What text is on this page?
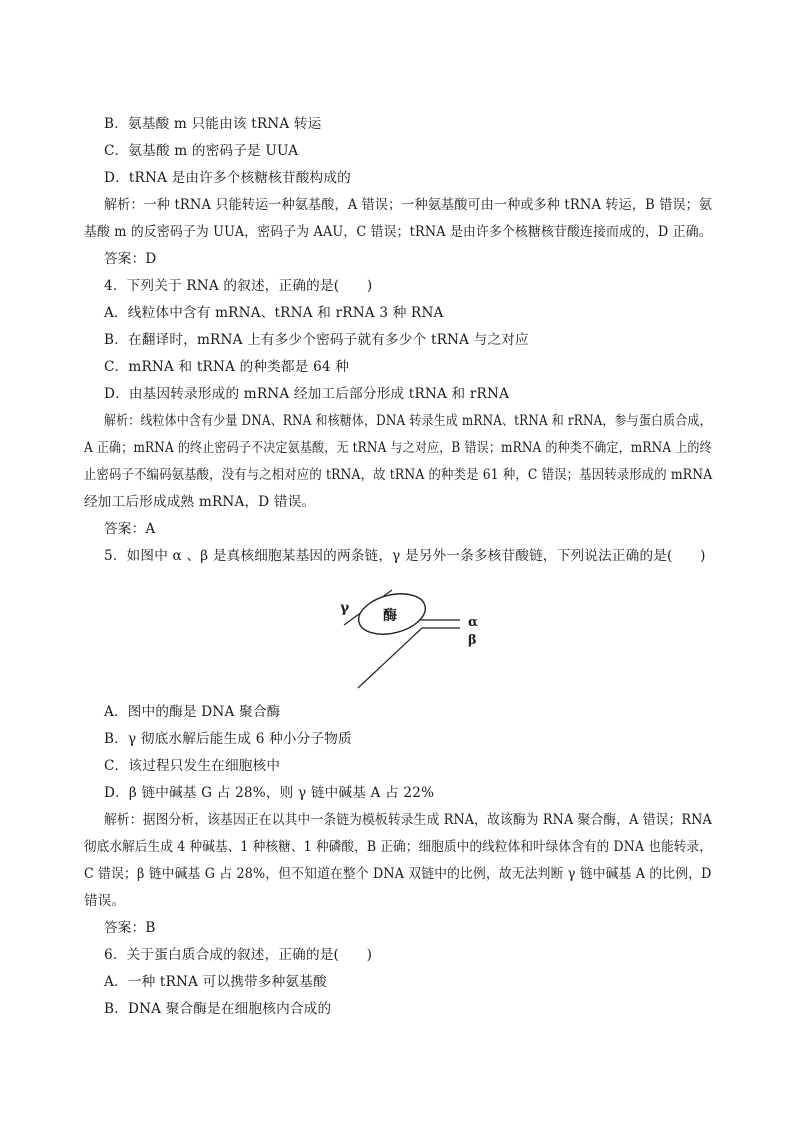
B．氨基酸 m 只能由该 tRNA 转运
C．氨基酸 m 的密码子是 UUA
D．tRNA 是由许多个核糖核苷酸构成的
解析：一种 tRNA 只能转运一种氨基酸，A 错误；一种氨基酸可由一种或多种 tRNA 转运，B 错误；氨
基酸 m 的反密码子为 UUA，密码子为 AAU，C 错误；tRNA 是由许多个核糖核苷酸连接而成的，D 正确。
答案：D
4．下列关于 RNA 的叙述，正确的是(　　)
A．线粒体中含有 mRNA、tRNA 和 rRNA 3 种 RNA
B．在翻译时，mRNA 上有多少个密码子就有多少个 tRNA 与之对应
C．mRNA 和 tRNA 的种类都是 64 种
D．由基因转录形成的 mRNA 经加工后部分形成 tRNA 和 rRNA
解析：线粒体中含有少量 DNA、RNA 和核糖体，DNA 转录生成 mRNA、tRNA 和 rRNA，参与蛋白质合成，
A 正确；mRNA 的终止密码子不决定氨基酸，无 tRNA 与之对应，B 错误；mRNA 的种类不确定，mRNA 上的终
止密码子不编码氨基酸，没有与之相对应的 tRNA，故 tRNA 的种类是 61 种，C 错误；基因转录形成的 mRNA
经加工后形成成熟 mRNA，D 错误。
答案：A
5．如图中 α 、β 是真核细胞某基因的两条链，γ 是另外一条多核苷酸链，下列说法正确的是(　　)
酶
γ
α
β
A．图中的酶是 DNA 聚合酶
B．γ 彻底水解后能生成 6 种小分子物质
C．该过程只发生在细胞核中
D．β 链中碱基 G 占 28%，则 γ 链中碱基 A 占 22%
解析：据图分析，该基因正在以其中一条链为模板转录生成 RNA，故该酶为 RNA 聚合酶，A 错误；RNA
彻底水解后生成 4 种碱基、1 种核糖、1 种磷酸，B 正确；细胞质中的线粒体和叶绿体含有的 DNA 也能转录，
C 错误；β 链中碱基 G 占 28%，但不知道在整个 DNA 双链中的比例，故无法判断 γ 链中碱基 A 的比例，D
错误。
答案：B
6．关于蛋白质合成的叙述，正确的是(　　)
A．一种 tRNA 可以携带多种氨基酸
B．DNA 聚合酶是在细胞核内合成的
